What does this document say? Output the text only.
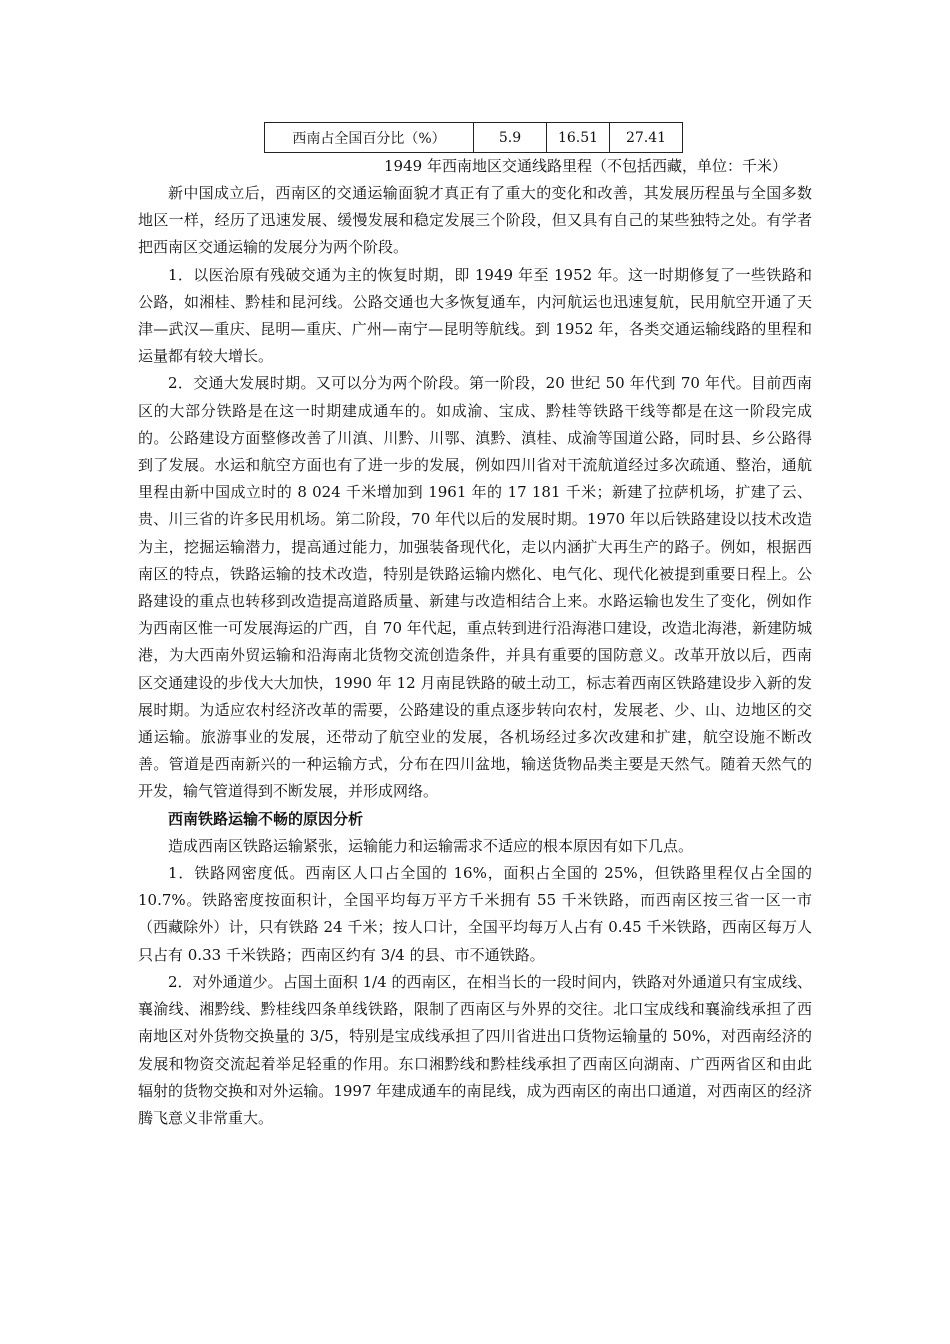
西南占全国百分比（%）	5.9	16.51	27.41

1949 年西南地区交通线路里程（不包括西藏，单位：千米）

新中国成立后，西南区的交通运输面貌才真正有了重大的变化和改善，其发展历程虽与全国多数地区一样，经历了迅速发展、缓慢发展和稳定发展三个阶段，但又具有自己的某些独特之处。有学者把西南区交通运输的发展分为两个阶段。

1．以医治原有残破交通为主的恢复时期，即 1949 年至 1952 年。这一时期修复了一些铁路和公路，如湘桂、黔桂和昆河线。公路交通也大多恢复通车，内河航运也迅速复航，民用航空开通了天津—武汉—重庆、昆明—重庆、广州—南宁—昆明等航线。到 1952 年，各类交通运输线路的里程和运量都有较大增长。

2．交通大发展时期。又可以分为两个阶段。第一阶段，20 世纪 50 年代到 70 年代。目前西南区的大部分铁路是在这一时期建成通车的。如成渝、宝成、黔桂等铁路干线等都是在这一阶段完成的。公路建设方面整修改善了川滇、川黔、川鄂、滇黔、滇桂、成渝等国道公路，同时县、乡公路得到了发展。水运和航空方面也有了进一步的发展，例如四川省对干流航道经过多次疏通、整治，通航里程由新中国成立时的 8 024 千米增加到 1961 年的 17 181 千米；新建了拉萨机场，扩建了云、贵、川三省的许多民用机场。第二阶段，70 年代以后的发展时期。1970 年以后铁路建设以技术改造为主，挖掘运输潜力，提高通过能力，加强装备现代化，走以内涵扩大再生产的路子。例如，根据西南区的特点，铁路运输的技术改造，特别是铁路运输内燃化、电气化、现代化被提到重要日程上。公路建设的重点也转移到改造提高道路质量、新建与改造相结合上来。水路运输也发生了变化，例如作为西南区惟一可发展海运的广西，自 70 年代起，重点转到进行沿海港口建设，改造北海港，新建防城港，为大西南外贸运输和沿海南北货物交流创造条件，并具有重要的国防意义。改革开放以后，西南区交通建设的步伐大大加快，1990 年 12 月南昆铁路的破土动工，标志着西南区铁路建设步入新的发展时期。为适应农村经济改革的需要，公路建设的重点逐步转向农村，发展老、少、山、边地区的交通运输。旅游事业的发展，还带动了航空业的发展，各机场经过多次改建和扩建，航空设施不断改善。管道是西南新兴的一种运输方式，分布在四川盆地，输送货物品类主要是天然气。随着天然气的开发，输气管道得到不断发展，并形成网络。

西南铁路运输不畅的原因分析

造成西南区铁路运输紧张，运输能力和运输需求不适应的根本原因有如下几点。

1．铁路网密度低。西南区人口占全国的 16%，面积占全国的 25%，但铁路里程仅占全国的 10.7%。铁路密度按面积计，全国平均每万平方千米拥有 55 千米铁路，而西南区按三省一区一市（西藏除外）计，只有铁路 24 千米；按人口计，全国平均每万人占有 0.45 千米铁路，西南区每万人只占有 0.33 千米铁路；西南区约有 3/4 的县、市不通铁路。

2．对外通道少。占国土面积 1/4 的西南区，在相当长的一段时间内，铁路对外通道只有宝成线、襄渝线、湘黔线、黔桂线四条单线铁路，限制了西南区与外界的交往。北口宝成线和襄渝线承担了西南地区对外货物交换量的 3/5，特别是宝成线承担了四川省进出口货物运输量的 50%，对西南经济的发展和物资交流起着举足轻重的作用。东口湘黔线和黔桂线承担了西南区向湖南、广西两省区和由此辐射的货物交换和对外运输。1997 年建成通车的南昆线，成为西南区的南出口通道，对西南区的经济腾飞意义非常重大。
